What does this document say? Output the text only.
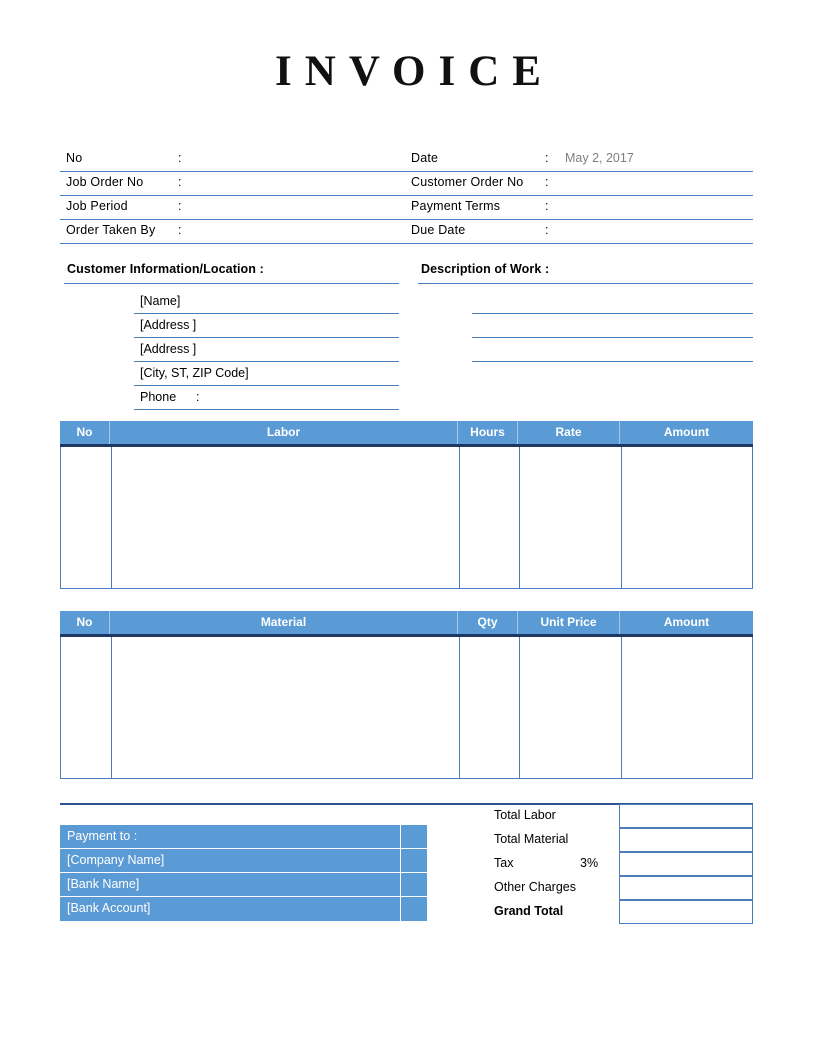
INVOICE
No	:
Job Order No	:
Job Period	:
Order Taken By :
Date	: May 2, 2017
Customer Order No :
Payment Terms	:
Due Date	:
Customer Information/Location :	Description of Work :
[Name]
[Address ]
[Address ]
[City, ST, ZIP Code]
Phone :
No	Labor	Hours	Rate	Amount
No	Material	Qty	Unit Price	Amount
Payment to :
[Company Name]
[Bank Name]
[Bank Account]
Total Labor
Total Material
Tax	3%
Other Charges
Grand Total
